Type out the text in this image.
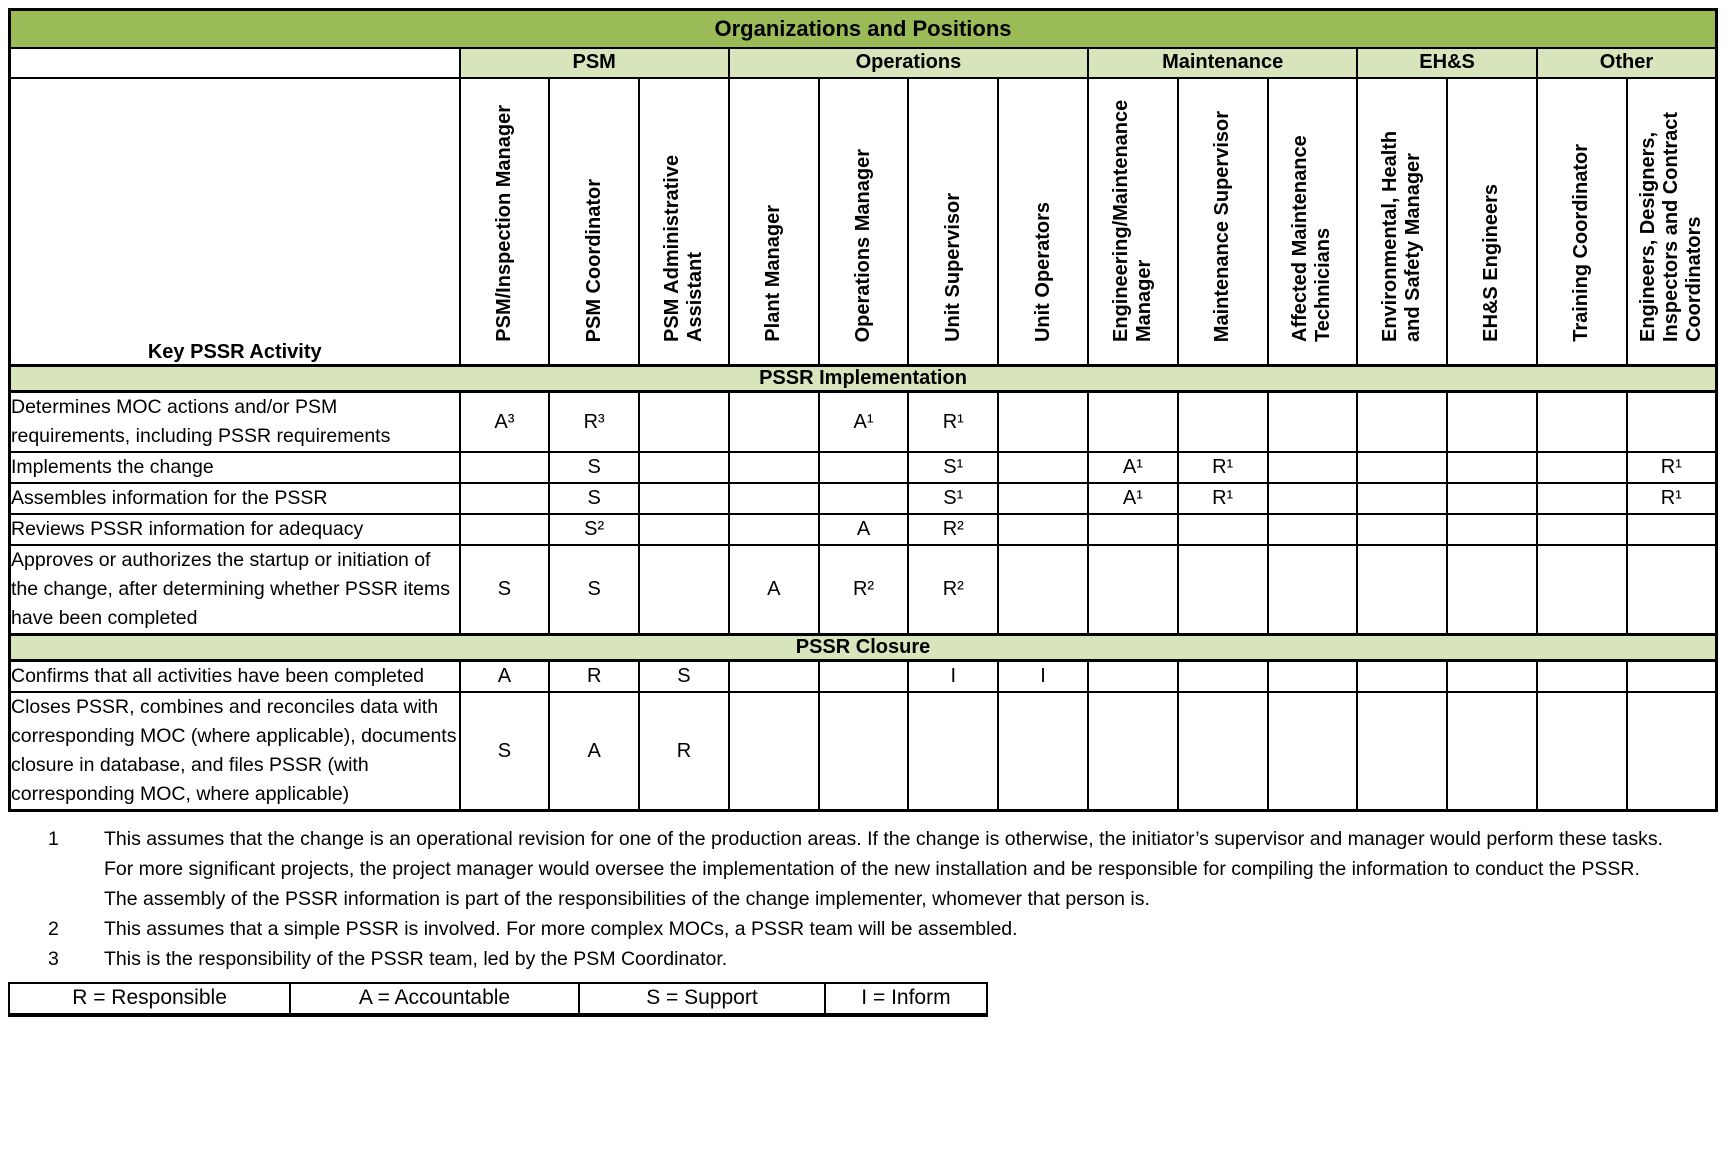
Organizations and Positions														
	PSM			Operations				Maintenance			EH&S		Other	
Key PSSR Activity	PSM/Inspection Manager	PSM Coordinator	PSM Administrative Assistant	Plant Manager	Operations Manager	Unit Supervisor	Unit Operators	Engineering/Maintenance Manager	Maintenance Supervisor	Affected Maintenance Technicians	Environmental, Health and Safety Manager	EH&S Engineers	Training Coordinator	Engineers, Designers, Inspectors and Contract Coordinators

PSSR Implementation														
Determines MOC actions and/or PSM requirements, including PSSR requirements	A³	R³			A¹	R¹								
Implements the change		S				S¹		A¹	R¹					R¹
Assembles information for the PSSR		S				S¹		A¹	R¹					R¹
Reviews PSSR information for adequacy		S²			A	R²								
Approves or authorizes the startup or initiation of the change, after determining whether PSSR items have been completed	S	S		A	R²	R²								
PSSR Closure														
Confirms that all activities have been completed	A	R	S			I	I							
Closes PSSR, combines and reconciles data with corresponding MOC (where applicable), documents closure in database, and files PSSR (with corresponding MOC, where applicable)	S	A	R											
1	This assumes that the change is an operational revision for one of the production areas. If the change is otherwise, the initiator’s supervisor and manager would perform these tasks. For more significant projects, the project manager would oversee the implementation of the new installation and be responsible for compiling the information to conduct the PSSR. The assembly of the PSSR information is part of the responsibilities of the change implementer, whomever that person is.
2	This assumes that a simple PSSR is involved. For more complex MOCs, a PSSR team will be assembled.
3	This is the responsibility of the PSSR team, led by the PSM Coordinator.
R = Responsible	A = Accountable	S = Support	I = Inform
